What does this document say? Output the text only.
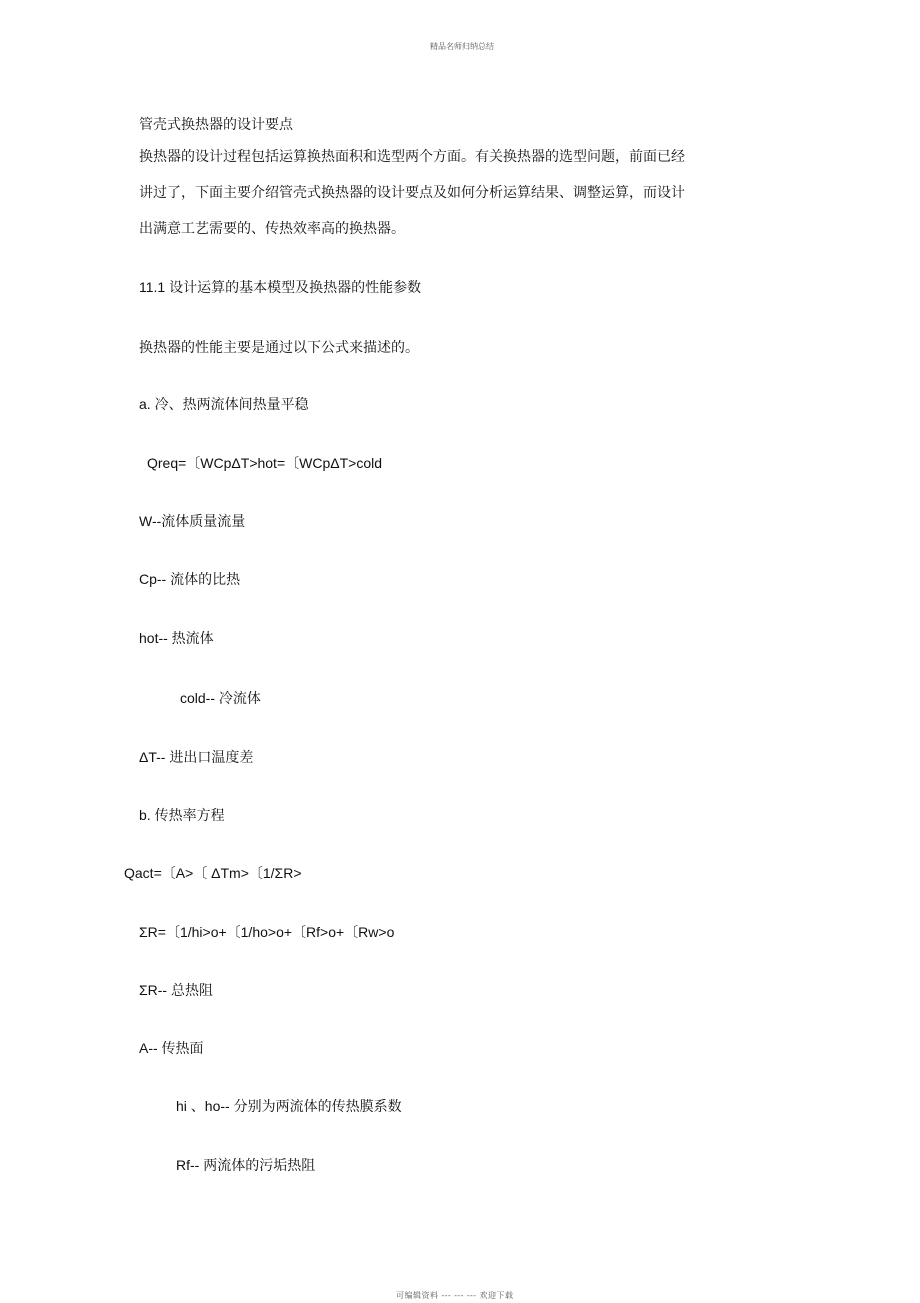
精品名师归纳总结
管壳式换热器的设计要点
换热器的设计过程包括运算换热面积和选型两个方面。有关换热器的选型问题，前面已经
讲过了，下面主要介绍管壳式换热器的设计要点及如何分析运算结果、调整运算，而设计
出满意工艺需要的、传热效率高的换热器。
11.1 设计运算的基本模型及换热器的性能参数
换热器的性能主要是通过以下公式来描述的。
a. 冷、热两流体间热量平稳
Qreq=〔WCpΔT>hot=〔WCpΔT>cold
W--流体质量流量
Cp-- 流体的比热
hot-- 热流体
cold-- 冷流体
ΔT-- 进出口温度差
b. 传热率方程
Qact=〔A>〔 ΔTm>〔1/ΣR>
ΣR=〔1/hi>o+〔1/ho>o+〔Rf>o+〔Rw>o
ΣR-- 总热阻
A-- 传热面
hi 、ho-- 分别为两流体的传热膜系数
Rf-- 两流体的污垢热阻
可编辑资料 --- --- --- 欢迎下载
